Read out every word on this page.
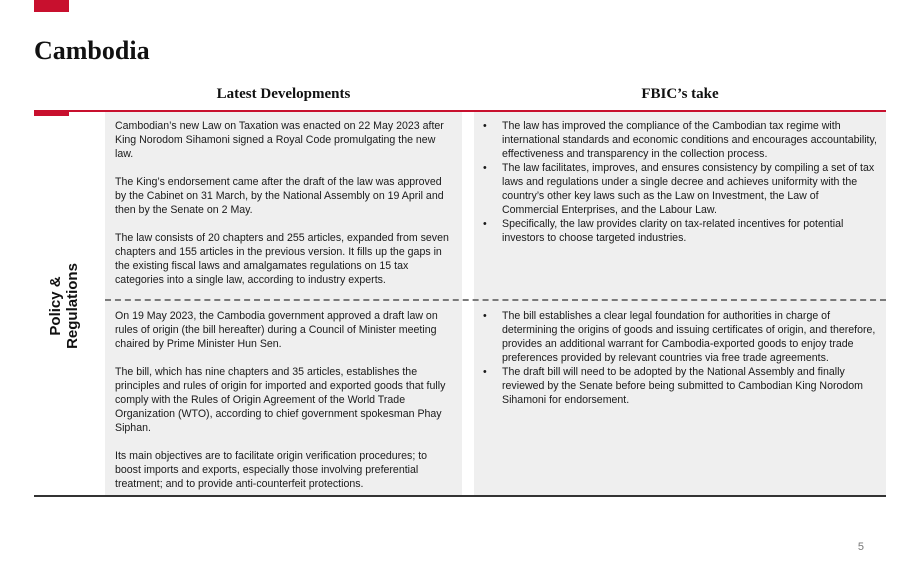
Cambodia
Latest Developments	FBIC’s take
Policy &
Regulations

Cambodian’s new Law on Taxation was enacted on 22 May 2023 after King Norodom Sihamoni signed a Royal Code promulgating the new law.

The King’s endorsement came after the draft of the law was approved by the Cabinet on 31 March, by the National Assembly on 19 April and then by the Senate on 2 May.

The law consists of 20 chapters and 255 articles, expanded from seven chapters and 155 articles in the previous version. It fills up the gaps in the existing fiscal laws and amalgamates regulations on 15 tax categories into a single law, according to industry experts.

• The law has improved the compliance of the Cambodian tax regime with international standards and economic conditions and encourages accountability, effectiveness and transparency in the collection process.
• The law facilitates, improves, and ensures consistency by compiling a set of tax laws and regulations under a single decree and achieves uniformity with the country’s other key laws such as the Law on Investment, the Law of Commercial Enterprises, and the Labour Law.
• Specifically, the law provides clarity on tax-related incentives for potential investors to choose targeted industries.

On 19 May 2023, the Cambodia government approved a draft law on rules of origin (the bill hereafter) during a Council of Minister meeting chaired by Prime Minister Hun Sen.

The bill, which has nine chapters and 35 articles, establishes the principles and rules of origin for imported and exported goods that fully comply with the Rules of Origin Agreement of the World Trade Organization (WTO), according to chief government spokesman Phay Siphan.

Its main objectives are to facilitate origin verification procedures; to boost imports and exports, especially those involving preferential treatment; and to provide anti-counterfeit protections.

• The bill establishes a clear legal foundation for authorities in charge of determining the origins of goods and issuing certificates of origin, and therefore, provides an additional warrant for Cambodia-exported goods to enjoy trade preferences provided by relevant countries via free trade agreements.
• The draft bill will need to be adopted by the National Assembly and finally reviewed by the Senate before being submitted to Cambodian King Norodom Sihamoni for endorsement.
5
